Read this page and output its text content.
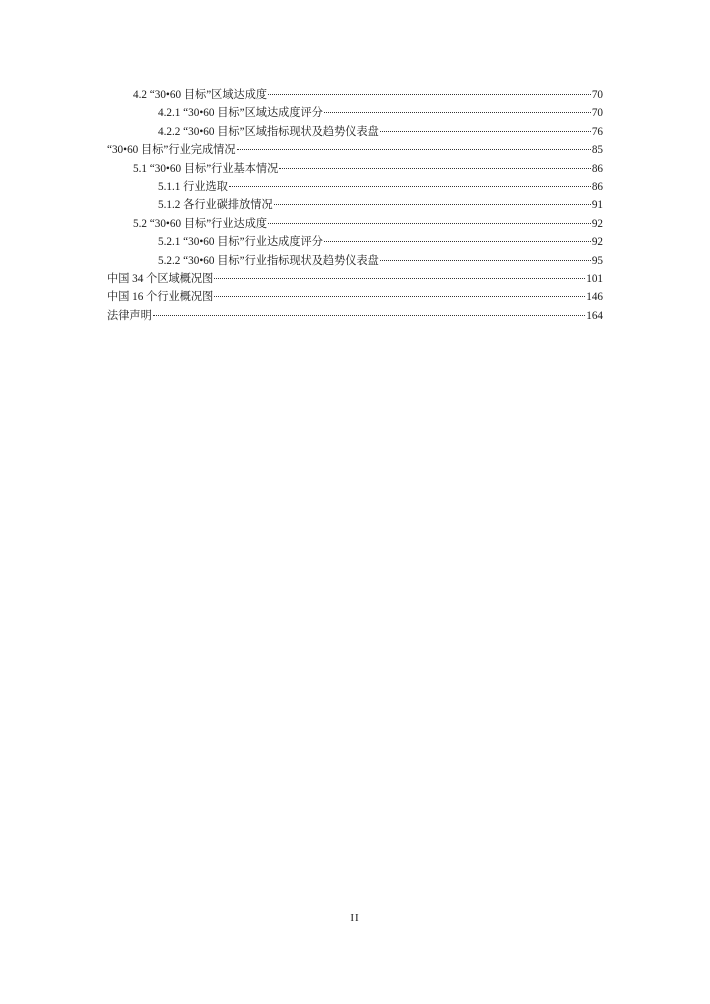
4.2 “30•60 目标”区域达成度	70
4.2.1 “30•60 目标”区域达成度评分	70
4.2.2 “30•60 目标”区域指标现状及趋势仪表盘	76
“30•60 目标”行业完成情况	85
5.1 “30•60 目标”行业基本情况	86
5.1.1 行业选取	86
5.1.2 各行业碳排放情况	91
5.2 “30•60 目标”行业达成度	92
5.2.1 “30•60 目标”行业达成度评分	92
5.2.2 “30•60 目标”行业指标现状及趋势仪表盘	95
中国 34 个区域概况图	101
中国 16 个行业概况图	146
法律声明	164
II
